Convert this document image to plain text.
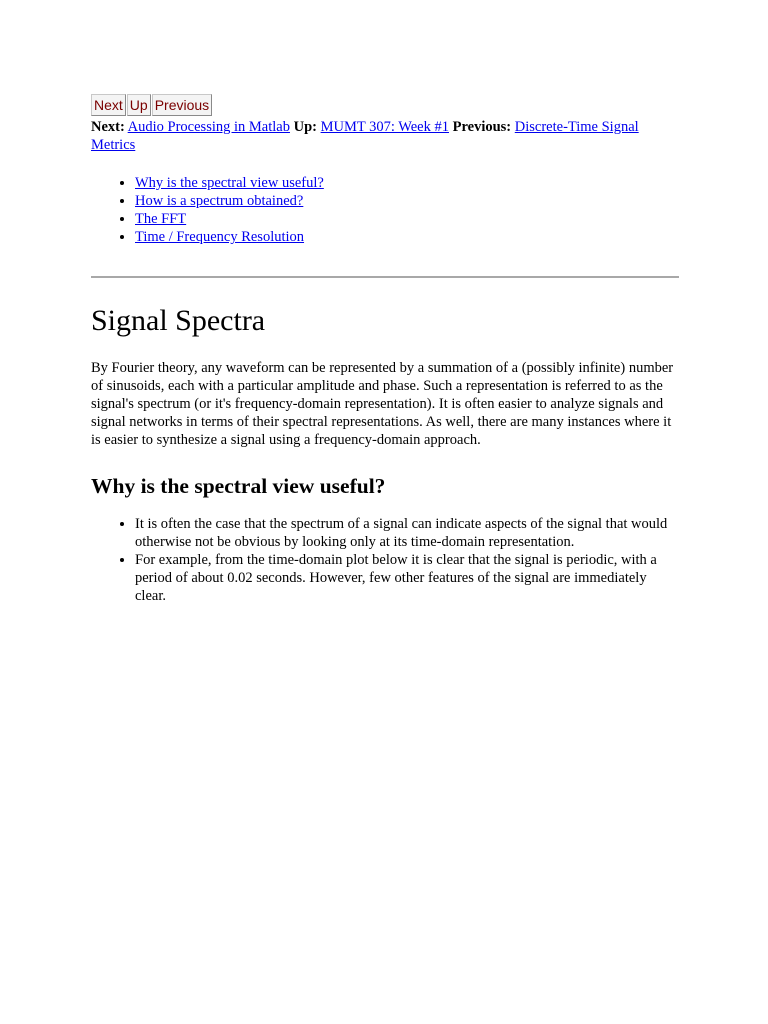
Next Up Previous

Next: Audio Processing in Matlab Up: MUMT 307: Week #1 Previous: Discrete-Time Signal Metrics

• Why is the spectral view useful?
• How is a spectrum obtained?
• The FFT
• Time / Frequency Resolution
Signal Spectra

By Fourier theory, any waveform can be represented by a summation of a (possibly infinite) number of sinusoids, each with a particular amplitude and phase. Such a representation is referred to as the signal's spectrum (or it's frequency-domain representation). It is often easier to analyze signals and signal networks in terms of their spectral representations. As well, there are many instances where it is easier to synthesize a signal using a frequency-domain approach.

Why is the spectral view useful?
• It is often the case that the spectrum of a signal can indicate aspects of the signal that would otherwise not be obvious by looking only at its time-domain representation.
• For example, from the time-domain plot below it is clear that the signal is periodic, with a period of about 0.02 seconds. However, few other features of the signal are immediately clear.
